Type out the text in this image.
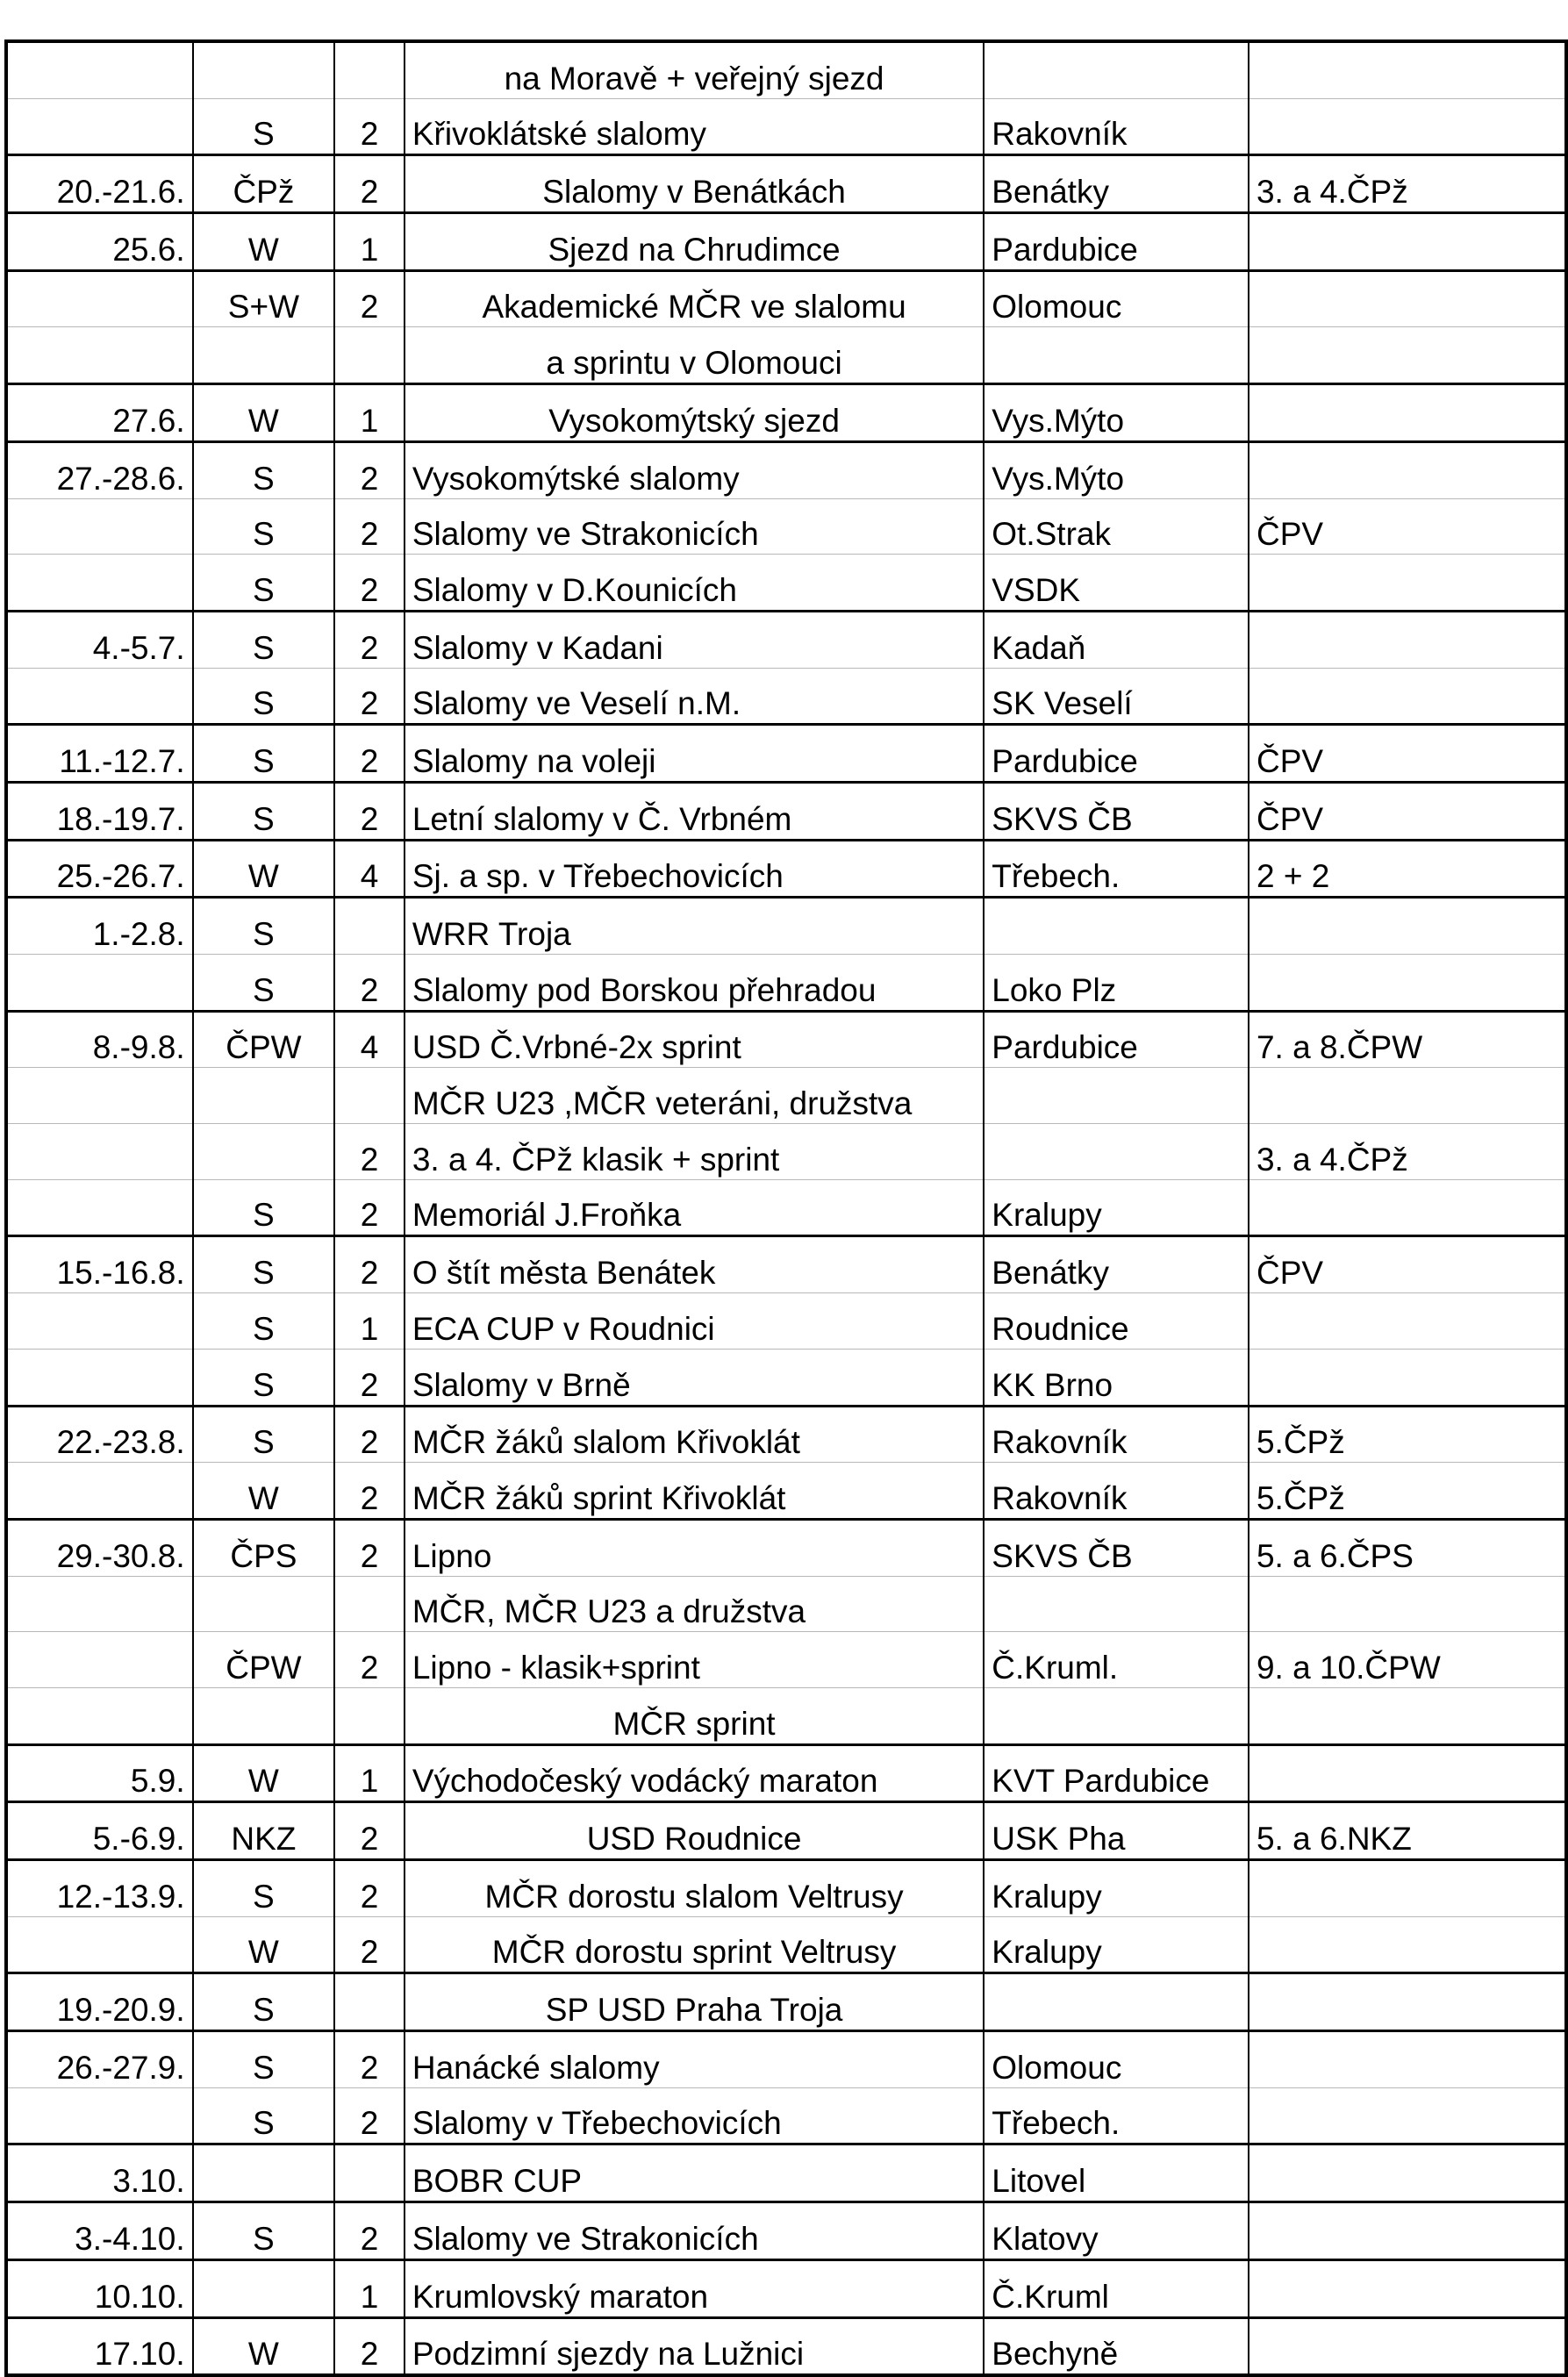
			na Moravě + veřejný sjezd		
	S	2	Křivoklátské slalomy	Rakovník	
20.-21.6.	ČPž	2	Slalomy v Benátkách	Benátky	3. a 4.ČPž
25.6.	W	1	Sjezd na Chrudimce	Pardubice	
	S+W	2	Akademické MČR ve slalomu	Olomouc	
			a sprintu v Olomouci		
27.6.	W	1	Vysokomýtský sjezd	Vys.Mýto	
27.-28.6.	S	2	Vysokomýtské slalomy	Vys.Mýto	
	S	2	Slalomy ve Strakonicích	Ot.Strak	ČPV
	S	2	Slalomy v D.Kounicích	VSDK	
4.-5.7.	S	2	Slalomy v Kadani	Kadaň	
	S	2	Slalomy ve Veselí n.M.	SK Veselí	
11.-12.7.	S	2	Slalomy na voleji	Pardubice	ČPV
18.-19.7.	S	2	Letní slalomy v Č. Vrbném	SKVS ČB	ČPV
25.-26.7.	W	4	Sj. a sp. v Třebechovicích	Třebech.	2 + 2
1.-2.8.	S		WRR Troja		
	S	2	Slalomy pod Borskou přehradou	Loko Plz	
8.-9.8.	ČPW	4	USD Č.Vrbné-2x sprint	Pardubice	7. a 8.ČPW
			MČR U23 ,MČR veteráni, družstva		
		2	3. a 4. ČPž klasik + sprint		3. a 4.ČPž
	S	2	Memoriál J.Froňka	Kralupy	
15.-16.8.	S	2	O štít města Benátek	Benátky	ČPV
	S	1	ECA CUP v Roudnici	Roudnice	
	S	2	Slalomy v Brně	KK Brno	
22.-23.8.	S	2	MČR žáků slalom Křivoklát	Rakovník	5.ČPž
	W	2	MČR žáků sprint Křivoklát	Rakovník	5.ČPž
29.-30.8.	ČPS	2	Lipno	SKVS ČB	5. a 6.ČPS
			MČR, MČR U23 a družstva		
	ČPW	2	Lipno - klasik+sprint	Č.Kruml.	9. a 10.ČPW
			MČR sprint		
5.9.	W	1	Východočeský vodácký maraton	KVT Pardubice	
5.-6.9.	NKZ	2	USD Roudnice	USK Pha	5. a 6.NKZ
12.-13.9.	S	2	MČR dorostu slalom Veltrusy	Kralupy	
	W	2	MČR dorostu sprint Veltrusy	Kralupy	
19.-20.9.	S		SP USD Praha Troja		
26.-27.9.	S	2	Hanácké slalomy	Olomouc	
	S	2	Slalomy v Třebechovicích	Třebech.	
3.10.			BOBR CUP	Litovel	
3.-4.10.	S	2	Slalomy ve Strakonicích	Klatovy	
10.10.		1	Krumlovský maraton	Č.Kruml	
17.10.	W	2	Podzimní sjezdy na Lužnici	Bechyně	
